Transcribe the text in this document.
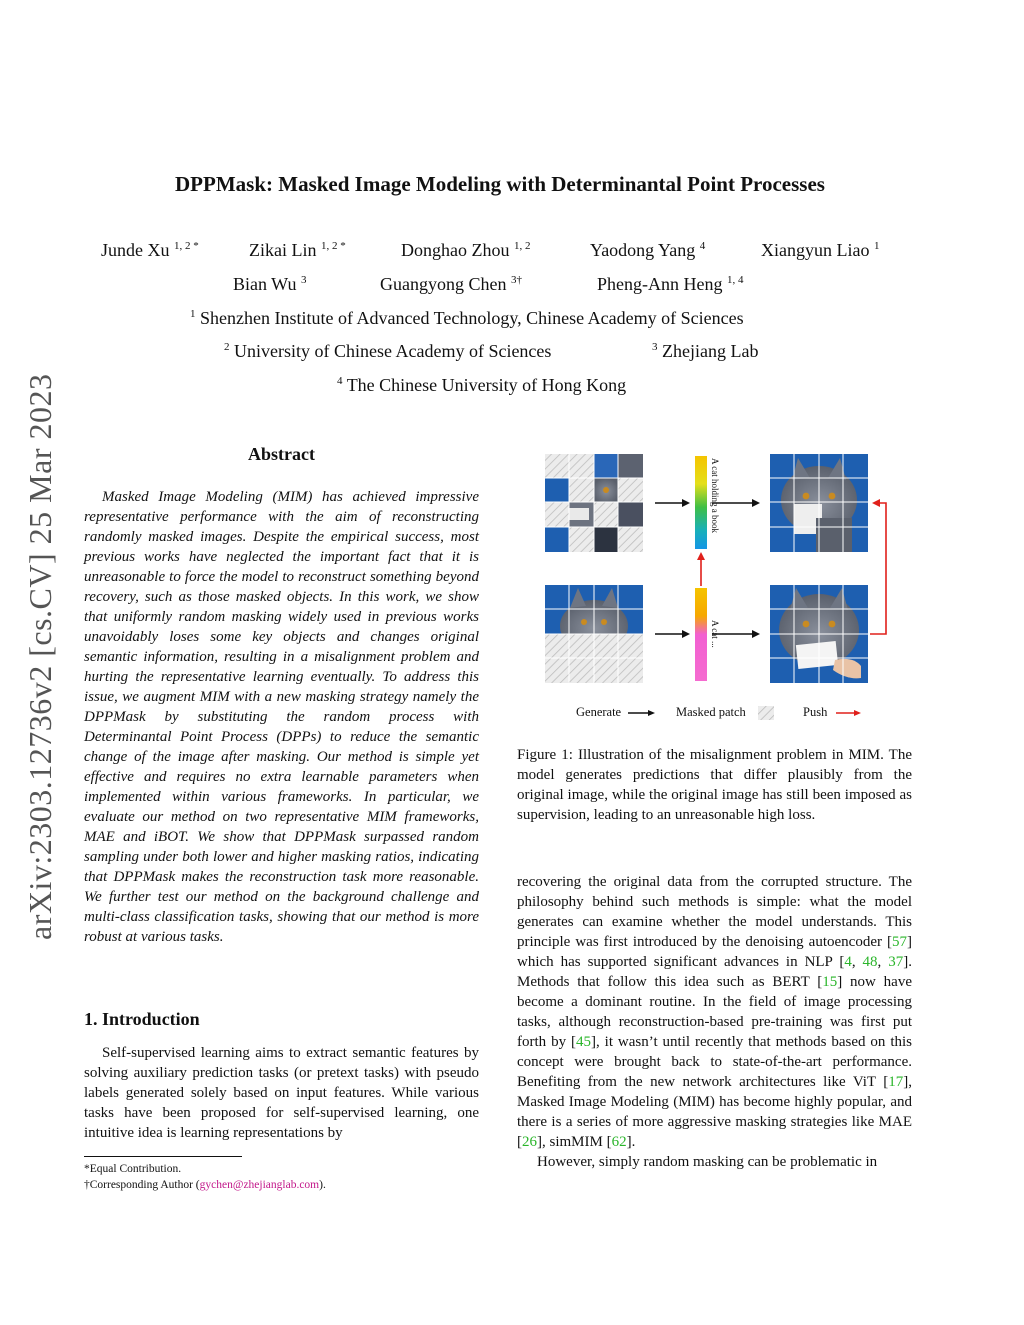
DPPMask: Masked Image Modeling with Determinantal Point Processes
Junde Xu $^{1, 2 *}$	Zikai Lin $^{1, 2 *}$	Donghao Zhou $^{1, 2}$	Yaodong Yang $^4$	Xiangyun Liao $^1$
Bian Wu $^3$	Guangyong Chen $^{3\dagger}$	Pheng-Ann Heng $^{1, 4}$
$^1$ Shenzhen Institute of Advanced Technology, Chinese Academy of Sciences
$^2$ University of Chinese Academy of Sciences	$^3$ Zhejiang Lab
$^4$ The Chinese University of Hong Kong
arXiv:2303.12736v2 [cs.CV] 25 Mar 2023	Abstract
Masked Image Modeling (MIM) has achieved impressive representative performance with the aim of reconstructing randomly masked images. Despite the empirical success, most previous works have neglected the important fact that it is unreasonable to force the model to reconstruct something beyond recovery, such as those masked objects. In this work, we show that uniformly random masking widely used in previous works unavoidably loses some key objects and changes original semantic information, resulting in a misalignment problem and hurting the representative learning eventually. To address this issue, we augment MIM with a new masking strategy namely the DPPMask by substituting the random process with Determinantal Point Process (DPPs) to reduce the semantic change of the image after masking. Our method is simple yet effective and requires no extra learnable parameters when implemented within various frameworks. In particular, we evaluate our method on two representative MIM frameworks, MAE and iBOT. We show that DPPMask surpassed random sampling under both lower and higher masking ratios, indicating that DPPMask makes the reconstruction task more reasonable. We further test our method on the background challenge and multi-class classification tasks, showing that our method is more robust at various tasks.
1. Introduction
Self-supervised learning aims to extract semantic features by solving auxiliary prediction tasks (or pretext tasks) with pseudo labels generated solely based on input features. While various tasks have been proposed for self-supervised learning, one intuitive idea is learning representations by
*Equal Contribution.
†Corresponding Author (gychen@zhejianglab.com).
A cat holding a book
A cat ...
Generate	Masked patch	Push
Figure 1: Illustration of the misalignment problem in MIM. The model generates predictions that differ plausibly from the original image, while the original image has still been imposed as supervision, leading to an unreasonable high loss.

recovering the original data from the corrupted structure. The philosophy behind such methods is simple: what the model generates can examine whether the model understands. This principle was first introduced by the denoising autoencoder [57] which has supported significant advances in NLP [4, 48, 37]. Methods that follow this idea such as BERT [15] now have become a dominant routine. In the field of image processing tasks, although reconstruction-based pre-training was first put forth by [45], it wasn’t until recently that methods based on this concept were brought back to state-of-the-art performance. Benefiting from the new network architectures like ViT [17], Masked Image Modeling (MIM) has become highly popular, and there is a series of more aggressive masking strategies like MAE [26], simMIM [62].

However, simply random masking can be problematic in
